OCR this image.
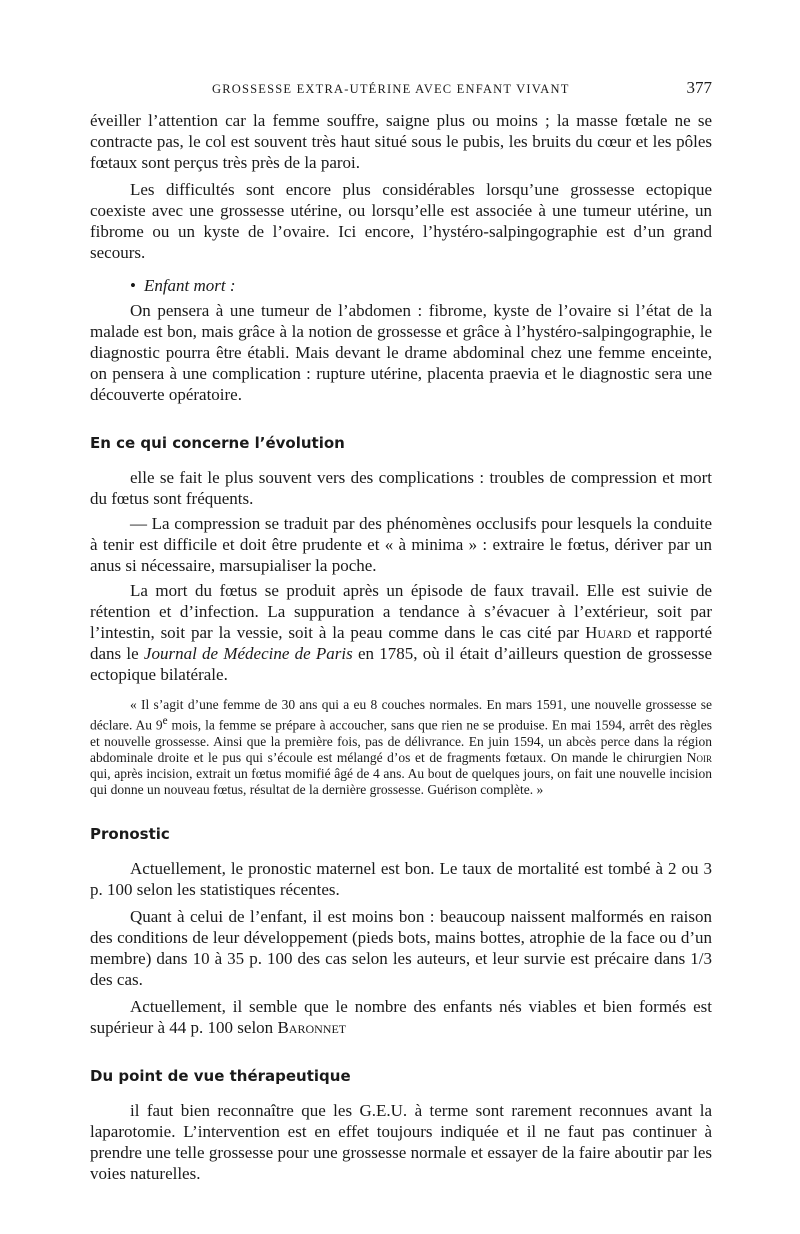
GROSSESSE EXTRA-UTÉRINE AVEC ENFANT VIVANT	377

éveiller l’attention car la femme souffre, saigne plus ou moins ; la masse fœtale ne se contracte pas, le col est souvent très haut situé sous le pubis, les bruits du cœur et les pôles fœtaux sont perçus très près de la paroi.

Les difficultés sont encore plus considérables lorsqu’une grossesse ectopique coexiste avec une grossesse utérine, ou lorsqu’elle est associée à une tumeur utérine, un fibrome ou un kyste de l’ovaire. Ici encore, l’hystéro-salpingographie est d’un grand secours.

• Enfant mort :

On pensera à une tumeur de l’abdomen : fibrome, kyste de l’ovaire si l’état de la malade est bon, mais grâce à la notion de grossesse et grâce à l’hystéro-salpingographie, le diagnostic pourra être établi. Mais devant le drame abdominal chez une femme enceinte, on pensera à une complication : rupture utérine, placenta praevia et le diagnostic sera une découverte opératoire.

En ce qui concerne l’évolution

elle se fait le plus souvent vers des complications : troubles de compression et mort du fœtus sont fréquents.

— La compression se traduit par des phénomènes occlusifs pour lesquels la conduite à tenir est difficile et doit être prudente et « à minima » : extraire le fœtus, dériver par un anus si nécessaire, marsupialiser la poche.

La mort du fœtus se produit après un épisode de faux travail. Elle est suivie de rétention et d’infection. La suppuration a tendance à s’évacuer à l’extérieur, soit par l’intestin, soit par la vessie, soit à la peau comme dans le cas cité par Huard et rapporté dans le Journal de Médecine de Paris en 1785, où il était d’ailleurs question de grossesse ectopique bilatérale.

« Il s’agit d’une femme de 30 ans qui a eu 8 couches normales. En mars 1591, une nouvelle grossesse se déclare. Au 9e mois, la femme se prépare à accoucher, sans que rien ne se produise. En mai 1594, arrêt des règles et nouvelle grossesse. Ainsi que la première fois, pas de délivrance. En juin 1594, un abcès perce dans la région abdominale droite et le pus qui s’écoule est mélangé d’os et de fragments fœtaux. On mande le chirurgien Noir qui, après incision, extrait un fœtus momifié âgé de 4 ans. Au bout de quelques jours, on fait une nouvelle incision qui donne un nouveau fœtus, résultat de la dernière grossesse. Guérison complète. »

Pronostic

Actuellement, le pronostic maternel est bon. Le taux de mortalité est tombé à 2 ou 3 p. 100 selon les statistiques récentes.

Quant à celui de l’enfant, il est moins bon : beaucoup naissent malformés en raison des conditions de leur développement (pieds bots, mains bottes, atrophie de la face ou d’un membre) dans 10 à 35 p. 100 des cas selon les auteurs, et leur survie est précaire dans 1/3 des cas.

Actuellement, il semble que le nombre des enfants nés viables et bien formés est supérieur à 44 p. 100 selon Baronnet

Du point de vue thérapeutique

il faut bien reconnaître que les G.E.U. à terme sont rarement reconnues avant la laparotomie. L’intervention est en effet toujours indiquée et il ne faut pas continuer à prendre une telle grossesse pour une grossesse normale et essayer de la faire aboutir par les voies naturelles.
